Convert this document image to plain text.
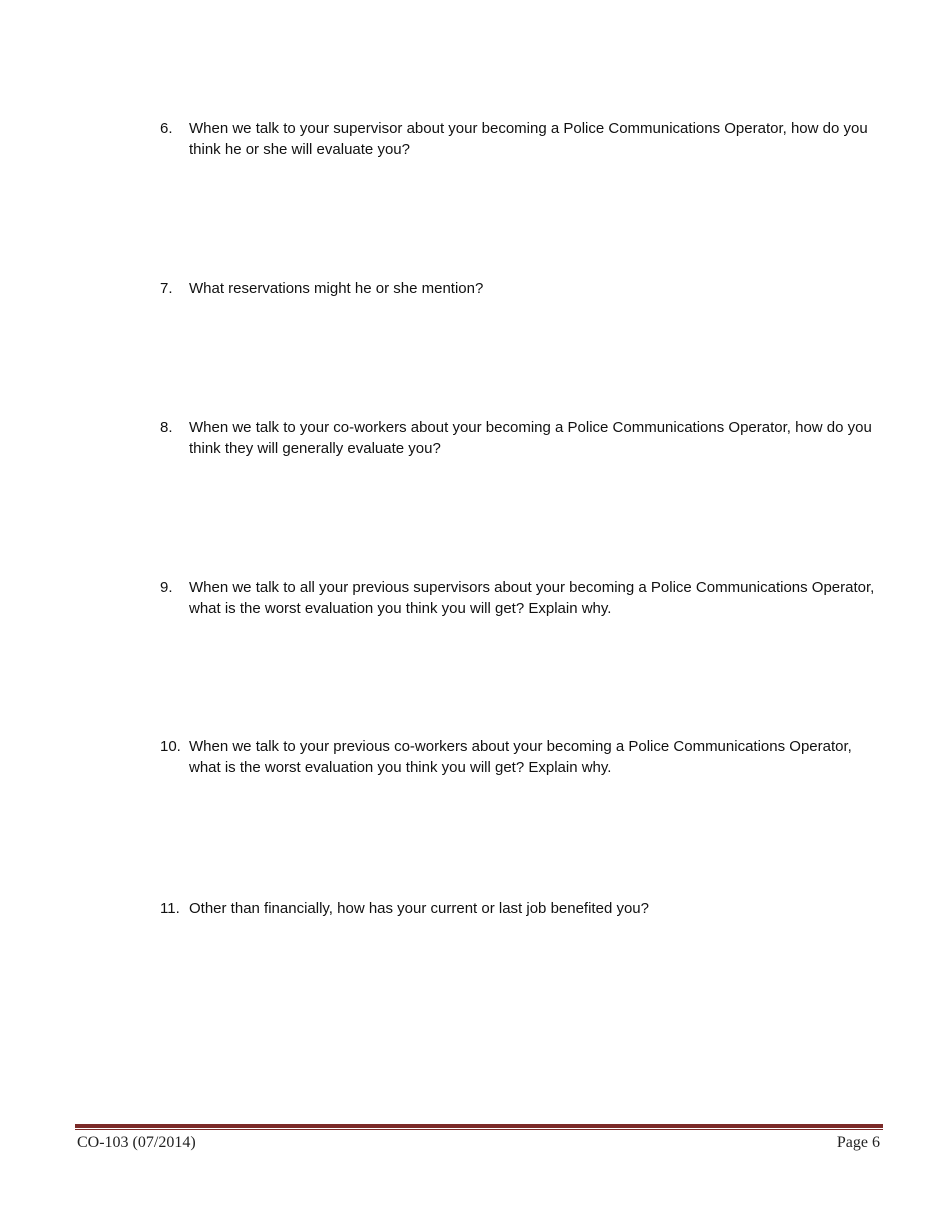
6.	When we talk to your supervisor about your becoming a Police Communications Operator, how do you think he or she will evaluate you?
7.	What reservations might he or she mention?
8.	When we talk to your co-workers about your becoming a Police Communications Operator, how do you think they will generally evaluate you?
9.	When we talk to all your previous supervisors about your becoming a Police Communications Operator, what is the worst evaluation you think you will get? Explain why.
10. When we talk to your previous co-workers about your becoming a Police Communications Operator, what is the worst evaluation you think you will get? Explain why.
11. Other than financially, how has your current or last job benefited you?
CO-103 (07/2014)	Page 6
